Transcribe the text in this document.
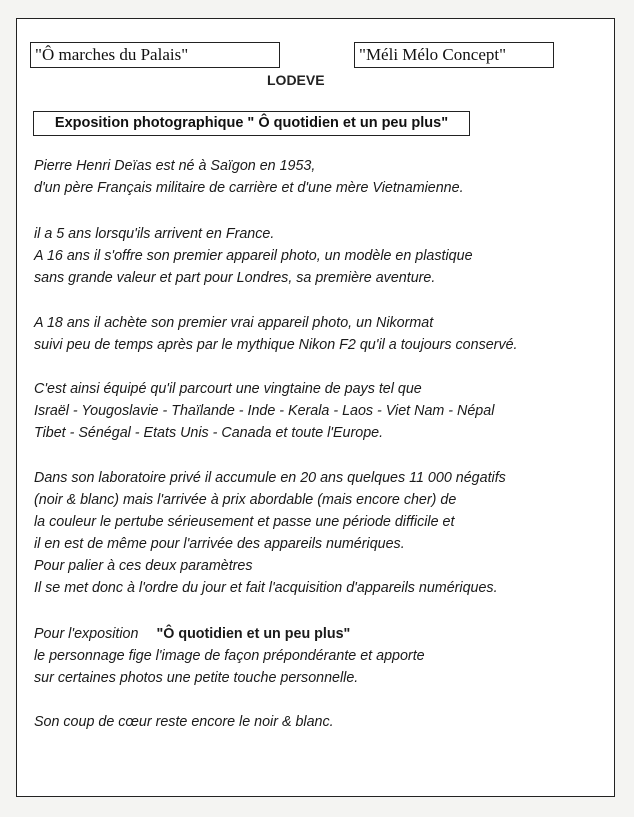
"Ô marches du Palais"	"Méli Mélo Concept"
LODEVE
Exposition photographique " Ô quotidien et un peu plus"
Pierre Henri Deïas est né à Saïgon en 1953,
d'un père Français militaire de carrière et d'une mère Vietnamienne.
il a 5 ans lorsqu'ils arrivent en France.
A 16 ans il s'offre son premier appareil photo, un modèle en plastique
sans grande valeur et part pour Londres, sa première aventure.
A 18 ans il achète son premier vrai appareil photo, un Nikormat
suivi peu de temps après par le mythique Nikon F2 qu'il a toujours conservé.
C'est ainsi équipé qu'il parcourt une vingtaine de pays tel que
Israël - Yougoslavie - Thaïlande - Inde - Kerala - Laos - Viet Nam - Népal
Tibet - Sénégal - Etats Unis - Canada et toute l'Europe.
Dans son laboratoire privé il accumule en 20 ans quelques 11 000 négatifs
(noir & blanc) mais l'arrivée à prix abordable (mais encore cher) de
la couleur le pertube sérieusement et passe une période difficile et
il en est de même pour l'arrivée des appareils numériques.
Pour palier à ces deux paramètres
Il se met donc à l'ordre du jour et fait l'acquisition d'appareils numériques.
Pour l'exposition "Ô quotidien et un peu plus"
le personnage fige l'image de façon prépondérante et apporte
sur certaines photos une petite touche personnelle.
Son coup de cœur reste encore le noir & blanc.
